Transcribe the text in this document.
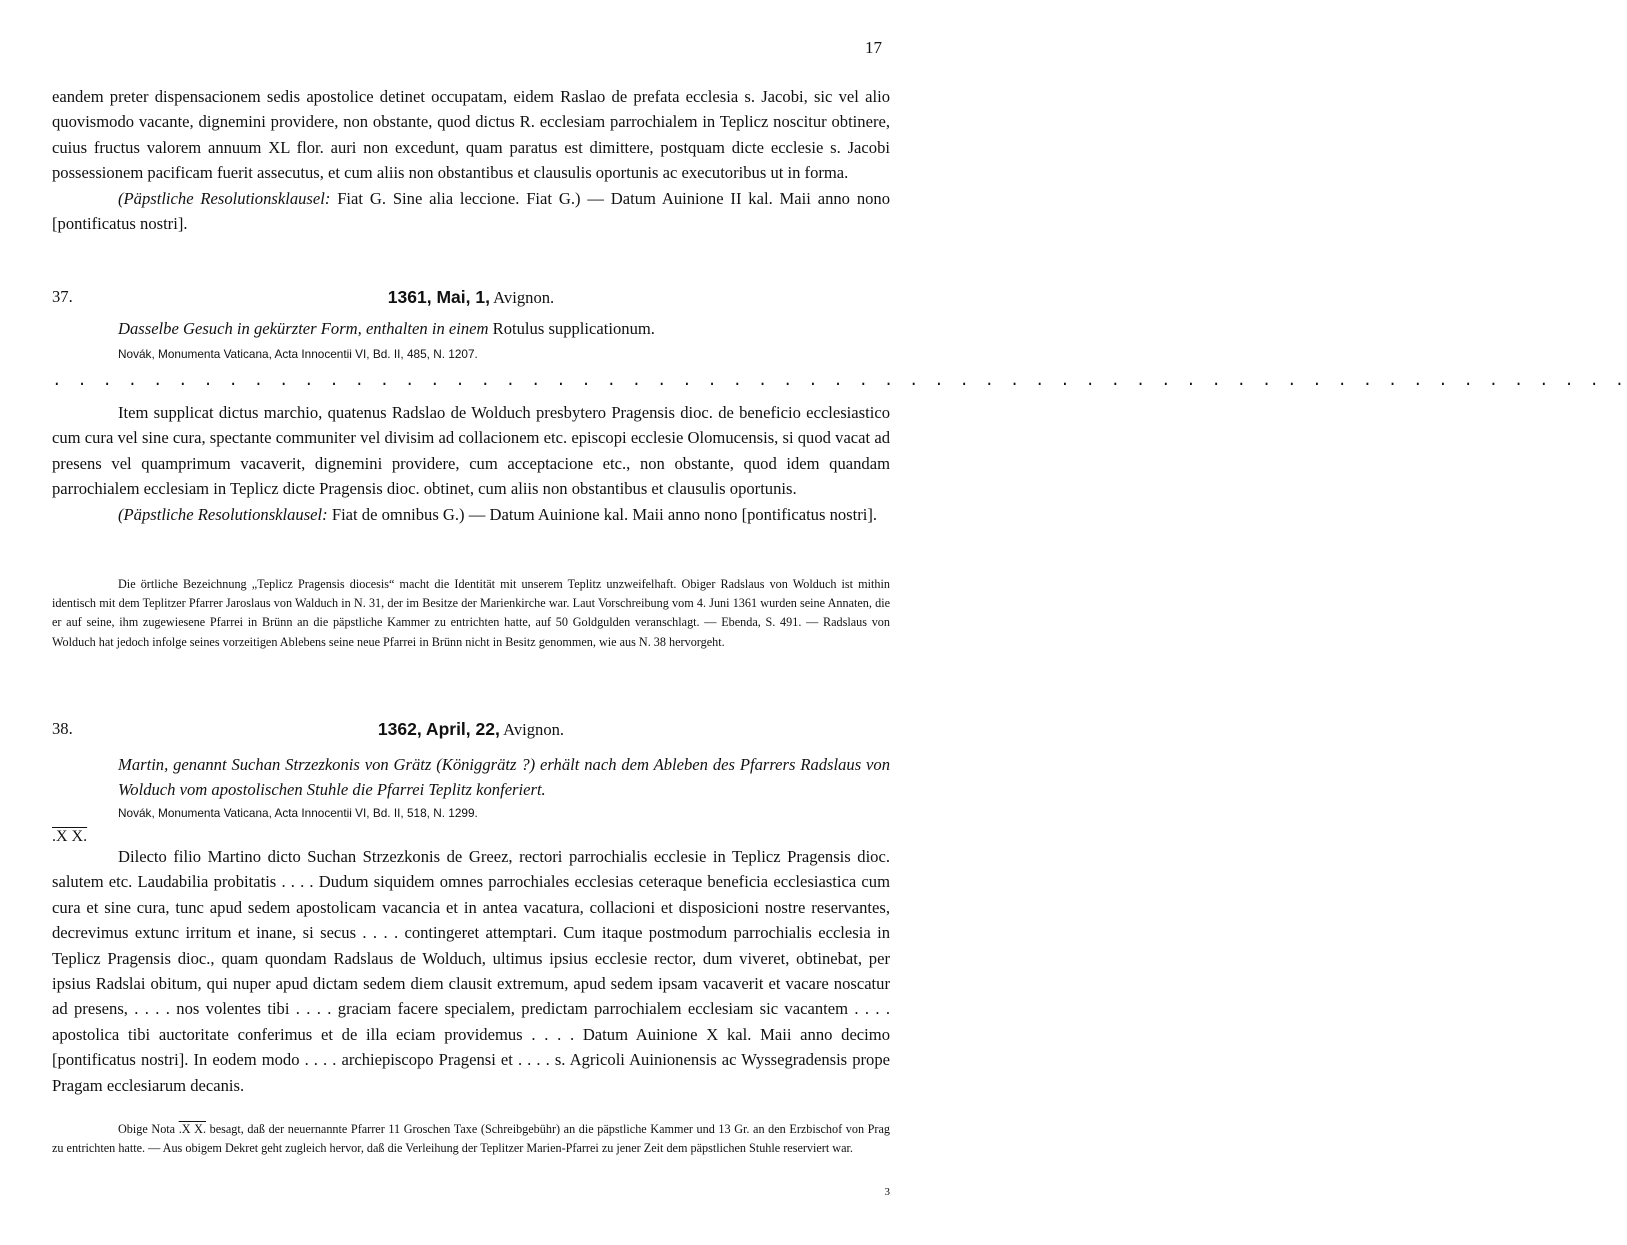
17

eandem preter dispensacionem sedis apostolice detinet occupatam, eidem Raslao de prefata ecclesia s. Jacobi, sic vel alio quovismodo vacante, dignemini providere, non obstante, quod dictus R. ecclesiam parrochialem in Teplicz noscitur obtinere, cuius fructus valorem annuum XL flor. auri non excedunt, quam paratus est dimittere, postquam dicte ecclesie s. Jacobi possessionem pacificam fuerit assecutus, et cum aliis non obstantibus et clausulis oportunis ac executoribus ut in forma.

(Päpstliche Resolutionsklausel: Fiat G. Sine alia leccione. Fiat G.) — Datum Auinione II kal. Maii anno nono [pontificatus nostri].

37.	1361, Mai, 1, Avignon.
Dasselbe Gesuch in gekürzter Form, enthalten in einem Rotulus supplicationum.
Novák, Monumenta Vaticana, Acta Innocentii VI, Bd. II, 485, N. 1207.
. . . . . . . . . . . . . . . . . . . . . . . . . . . . . . . . . . . . . . . . . . . . . . . . . . . . . . . . . . . . . . .

Item supplicat dictus marchio, quatenus Radslao de Wolduch presbytero Pragensis dioc. de beneficio ecclesiastico cum cura vel sine cura, spectante communiter vel divisim ad collacionem etc. episcopi ecclesie Olomucensis, si quod vacat ad presens vel quamprimum vacaverit, dignemini providere, cum acceptacione etc., non obstante, quod idem quandam parrochialem ecclesiam in Teplicz dicte Pragensis dioc. obtinet, cum aliis non obstantibus et clausulis oportunis.

(Päpstliche Resolutionsklausel: Fiat de omnibus G.) — Datum Auinione kal. Maii anno nono [pontificatus nostri].

Die örtliche Bezeichnung „Teplicz Pragensis diocesis“ macht die Identität mit unserem Teplitz unzweifelhaft. Obiger Radslaus von Wolduch ist mithin identisch mit dem Teplitzer Pfarrer Jaroslaus von Walduch in N. 31, der im Besitze der Marienkirche war. Laut Vorschreibung vom 4. Juni 1361 wurden seine Annaten, die er auf seine, ihm zugewiesene Pfarrei in Brünn an die päpstliche Kammer zu entrichten hatte, auf 50 Goldgulden veranschlagt. — Ebenda, S. 491. — Radslaus von Wolduch hat jedoch infolge seines vorzeitigen Ablebens seine neue Pfarrei in Brünn nicht in Besitz genommen, wie aus N. 38 hervorgeht.

38.	1362, April, 22, Avignon.
Martin, genannt Suchan Strzezkonis von Grätz (Königgrätz ?) erhält nach dem Ableben des Pfarrers Radslaus von Wolduch vom apostolischen Stuhle die Pfarrei Teplitz konferiert.
Novák, Monumenta Vaticana, Acta Innocentii VI, Bd. II, 518, N. 1299.
.X X.

Dilecto filio Martino dicto Suchan Strzezkonis de Greez, rectori parrochialis ecclesie in Teplicz Pragensis dioc. salutem etc. Laudabilia probitatis . . . . Dudum siquidem omnes parrochiales ecclesias ceteraque beneficia ecclesiastica cum cura et sine cura, tunc apud sedem apostolicam vacancia et in antea vacatura, collacioni et disposicioni nostre reservantes, decrevimus extunc irritum et inane, si secus . . . . contingeret attemptari. Cum itaque postmodum parrochialis ecclesia in Teplicz Pragensis dioc., quam quondam Radslaus de Wolduch, ultimus ipsius ecclesie rector, dum viveret, obtinebat, per ipsius Radslai obitum, qui nuper apud dictam sedem diem clausit extremum, apud sedem ipsam vacaverit et vacare noscatur ad presens, . . . . nos volentes tibi . . . . graciam facere specialem, predictam parrochialem ecclesiam sic vacantem . . . . apostolica tibi auctoritate conferimus et de illa eciam providemus . . . . Datum Auinione X kal. Maii anno decimo [pontificatus nostri]. In eodem modo . . . . archiepiscopo Pragensi et . . . . s. Agricoli Auinionensis ac Wyssegradensis prope Pragam ecclesiarum decanis.

Obige Nota .X X. besagt, daß der neuernannte Pfarrer 11 Groschen Taxe (Schreibgebühr) an die päpstliche Kammer und 13 Gr. an den Erzbischof von Prag zu entrichten hatte. — Aus obigem Dekret geht zugleich hervor, daß die Verleihung der Teplitzer Marien-Pfarrei zu jener Zeit dem päpstlichen Stuhle reserviert war.

3
